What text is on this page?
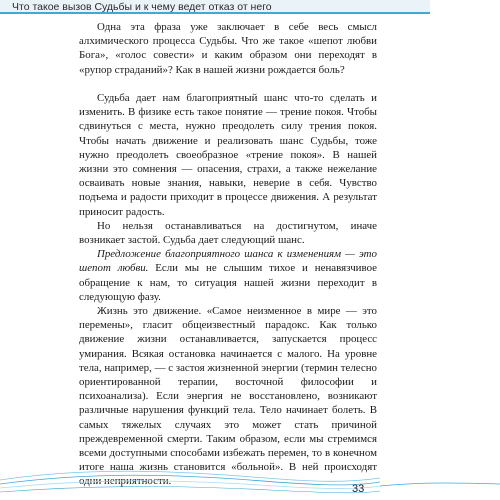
Что такое вызов Судьбы и к чему ведет отказ от него

Одна эта фраза уже заключает в себе весь смысл алхимического процесса Судьбы. Что же такое «шепот любви Бога», «голос совести» и каким образом они переходят в «рупор страданий»? Как в нашей жизни рождается боль?

Судьба дает нам благоприятный шанс что-то сделать и изменить. В физике есть такое понятие — трение покоя. Чтобы сдвинуться с места, нужно преодолеть силу трения покоя. Чтобы начать движение и реализовать шанс Судьбы, тоже нужно преодолеть своеобразное «трение покоя». В нашей жизни это сомнения — опасения, страхи, а также нежелание осваивать новые знания, навыки, неверие в себя. Чувство подъема и радости приходит в процессе движения. А результат приносит радость.

Но нельзя останавливаться на достигнутом, иначе возникает застой. Судьба дает следующий шанс.

Предложение благоприятного шанса к изменениям — это шепот любви. Если мы не слышим тихое и ненавязчивое обращение к нам, то ситуация нашей жизни переходит в следующую фазу.

Жизнь это движение. «Самое неизменное в мире — это перемены», гласит общеизвестный парадокс. Как только движение жизни останавливается, запускается процесс умирания. Всякая остановка начинается с малого. На уровне тела, например, — с застоя жизненной энергии (термин телесно ориентированной терапии, восточной философии и психоанализа). Если энергия не восстановлено, возникают различные нарушения функций тела. Тело начинает болеть. В самых тяжелых случаях это может стать причиной преждевременной смерти. Таким образом, если мы стремимся всеми доступными способами избежать перемен, то в конечном итоге наша жизнь становится «больной». В ней происходят одни неприятности.

33
